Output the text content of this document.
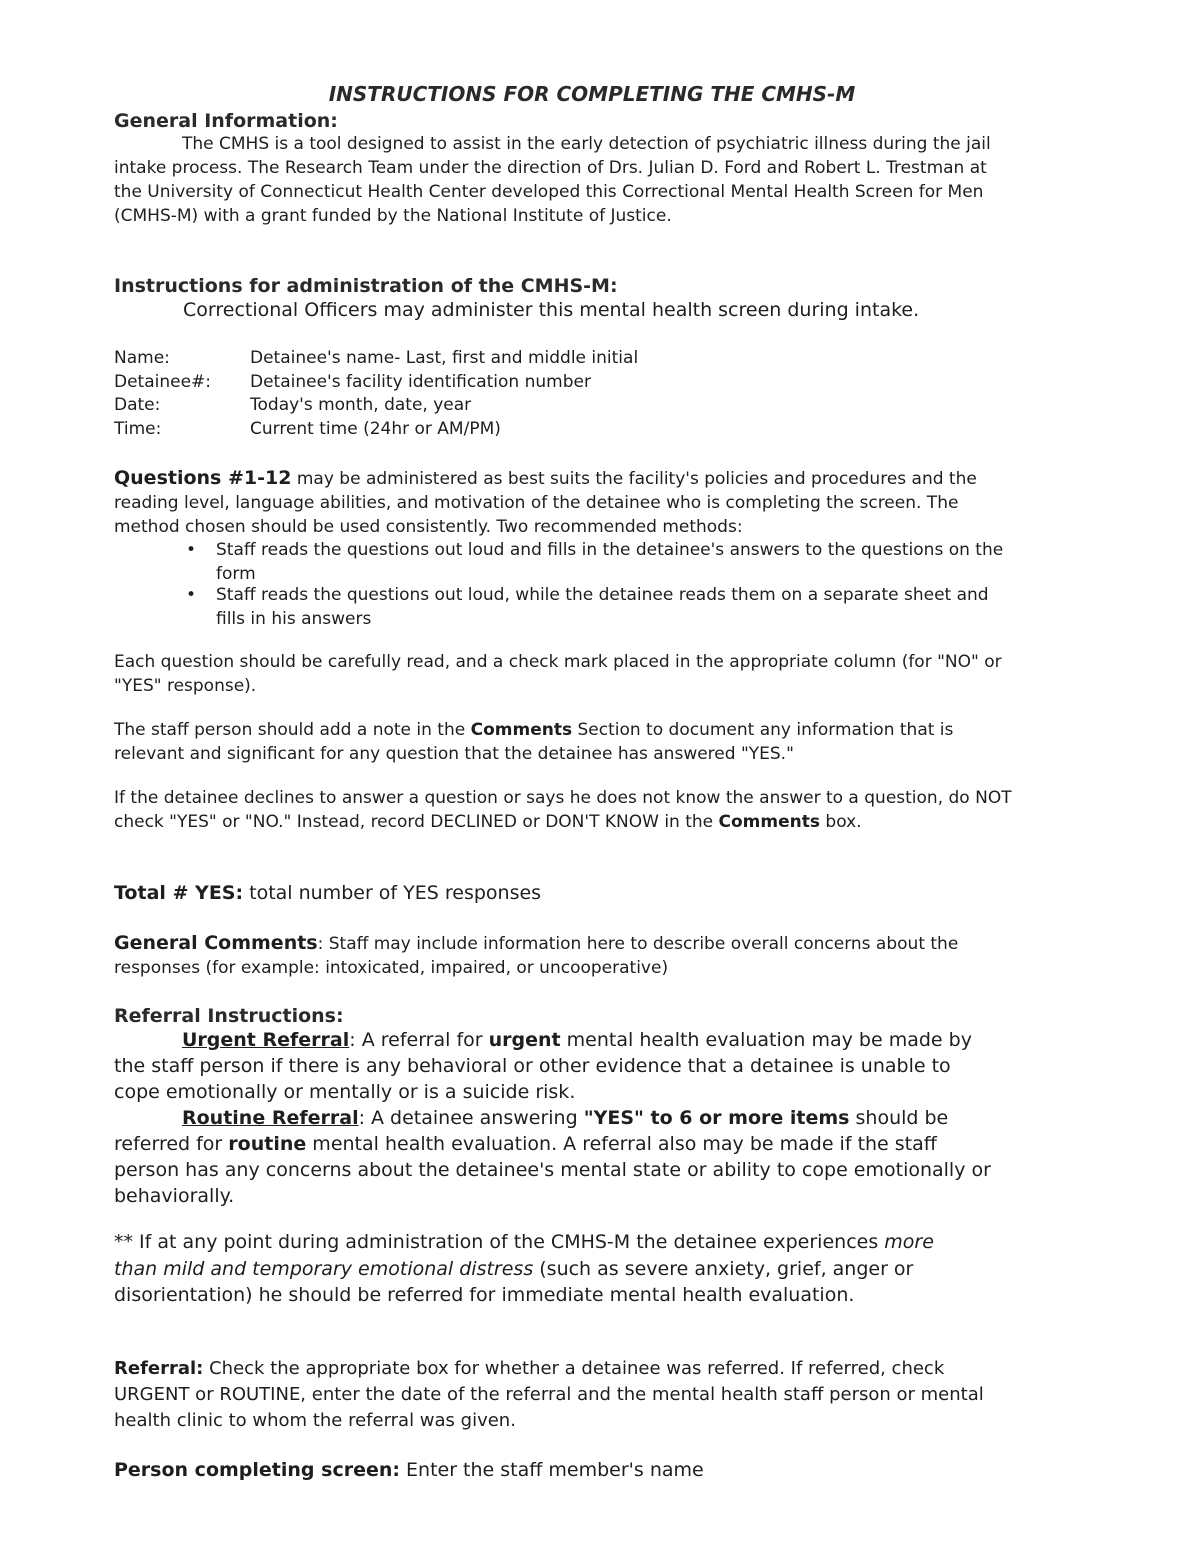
INSTRUCTIONS FOR COMPLETING THE CMHS-M
General Information:

The CMHS is a tool designed to assist in the early detection of psychiatric illness during the jail intake process. The Research Team under the direction of Drs. Julian D. Ford and Robert L. Trestman at the University of Connecticut Health Center developed this Correctional Mental Health Screen for Men (CMHS-M) with a grant funded by the National Institute of Justice.

Instructions for administration of the CMHS-M:

Correctional Officers may administer this mental health screen during intake.

Name:	Detainee's name- Last, first and middle initial
Detainee#:	Detainee's facility identification number
Date:	Today's month, date, year
Time:	Current time (24hr or AM/PM)

Questions #1-12 may be administered as best suits the facility's policies and procedures and the reading level, language abilities, and motivation of the detainee who is completing the screen. The method chosen should be used consistently. Two recommended methods:

• Staff reads the questions out loud and fills in the detainee's answers to the questions on the form
• Staff reads the questions out loud, while the detainee reads them on a separate sheet and fills in his answers

Each question should be carefully read, and a check mark placed in the appropriate column (for "NO" or "YES" response).

The staff person should add a note in the Comments Section to document any information that is relevant and significant for any question that the detainee has answered "YES."

If the detainee declines to answer a question or says he does not know the answer to a question, do NOT check "YES" or "NO." Instead, record DECLINED or DON'T KNOW in the Comments box.

Total # YES: total number of YES responses

General Comments: Staff may include information here to describe overall concerns about the responses (for example: intoxicated, impaired, or uncooperative)

Referral Instructions:

Urgent Referral: A referral for urgent mental health evaluation may be made by the staff person if there is any behavioral or other evidence that a detainee is unable to cope emotionally or mentally or is a suicide risk.

Routine Referral: A detainee answering "YES" to 6 or more items should be referred for routine mental health evaluation. A referral also may be made if the staff person has any concerns about the detainee's mental state or ability to cope emotionally or behaviorally.

** If at any point during administration of the CMHS-M the detainee experiences more than mild and temporary emotional distress (such as severe anxiety, grief, anger or disorientation) he should be referred for immediate mental health evaluation.

Referral: Check the appropriate box for whether a detainee was referred. If referred, check URGENT or ROUTINE, enter the date of the referral and the mental health staff person or mental health clinic to whom the referral was given.

Person completing screen: Enter the staff member's name
